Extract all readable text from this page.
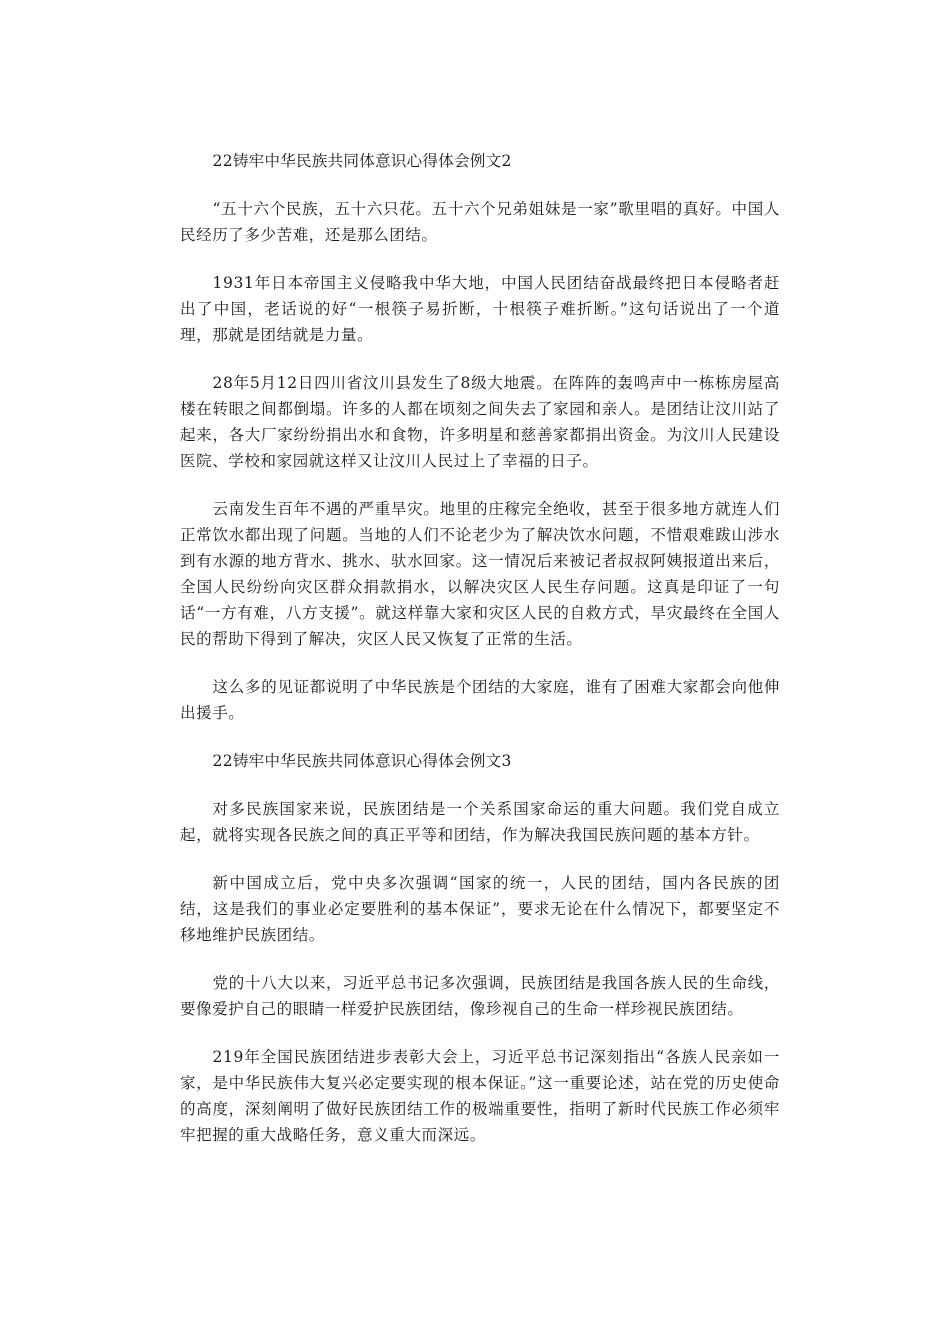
22铸牢中华民族共同体意识心得体会例文2

“五十六个民族，五十六只花。五十六个兄弟姐妹是一家”歌里唱的真好。中国人民经历了多少苦难，还是那么团结。

1931年日本帝国主义侵略我中华大地，中国人民团结奋战最终把日本侵略者赶出了中国，老话说的好“一根筷子易折断，十根筷子难折断。”这句话说出了一个道理，那就是团结就是力量。

28年5月12日四川省汶川县发生了8级大地震。在阵阵的轰鸣声中一栋栋房屋高楼在转眼之间都倒塌。许多的人都在顷刻之间失去了家园和亲人。是团结让汶川站了起来，各大厂家纷纷捐出水和食物，许多明星和慈善家都捐出资金。为汶川人民建设医院、学校和家园就这样又让汶川人民过上了幸福的日子。

云南发生百年不遇的严重旱灾。地里的庄稼完全绝收，甚至于很多地方就连人们正常饮水都出现了问题。当地的人们不论老少为了解决饮水问题，不惜艰难跋山涉水到有水源的地方背水、挑水、驮水回家。这一情况后来被记者叔叔阿姨报道出来后，全国人民纷纷向灾区群众捐款捐水，以解决灾区人民生存问题。这真是印证了一句话“一方有难，八方支援”。就这样靠大家和灾区人民的自救方式，旱灾最终在全国人民的帮助下得到了解决，灾区人民又恢复了正常的生活。

这么多的见证都说明了中华民族是个团结的大家庭，谁有了困难大家都会向他伸出援手。

22铸牢中华民族共同体意识心得体会例文3

对多民族国家来说，民族团结是一个关系国家命运的重大问题。我们党自成立起，就将实现各民族之间的真正平等和团结，作为解决我国民族问题的基本方针。

新中国成立后，党中央多次强调“国家的统一，人民的团结，国内各民族的团结，这是我们的事业必定要胜利的基本保证”，要求无论在什么情况下，都要坚定不移地维护民族团结。

党的十八大以来，习近平总书记多次强调，民族团结是我国各族人民的生命线，要像爱护自己的眼睛一样爱护民族团结，像珍视自己的生命一样珍视民族团结。

219年全国民族团结进步表彰大会上，习近平总书记深刻指出“各族人民亲如一家，是中华民族伟大复兴必定要实现的根本保证。”这一重要论述，站在党的历史使命的高度，深刻阐明了做好民族团结工作的极端重要性，指明了新时代民族工作必须牢牢把握的重大战略任务，意义重大而深远。
